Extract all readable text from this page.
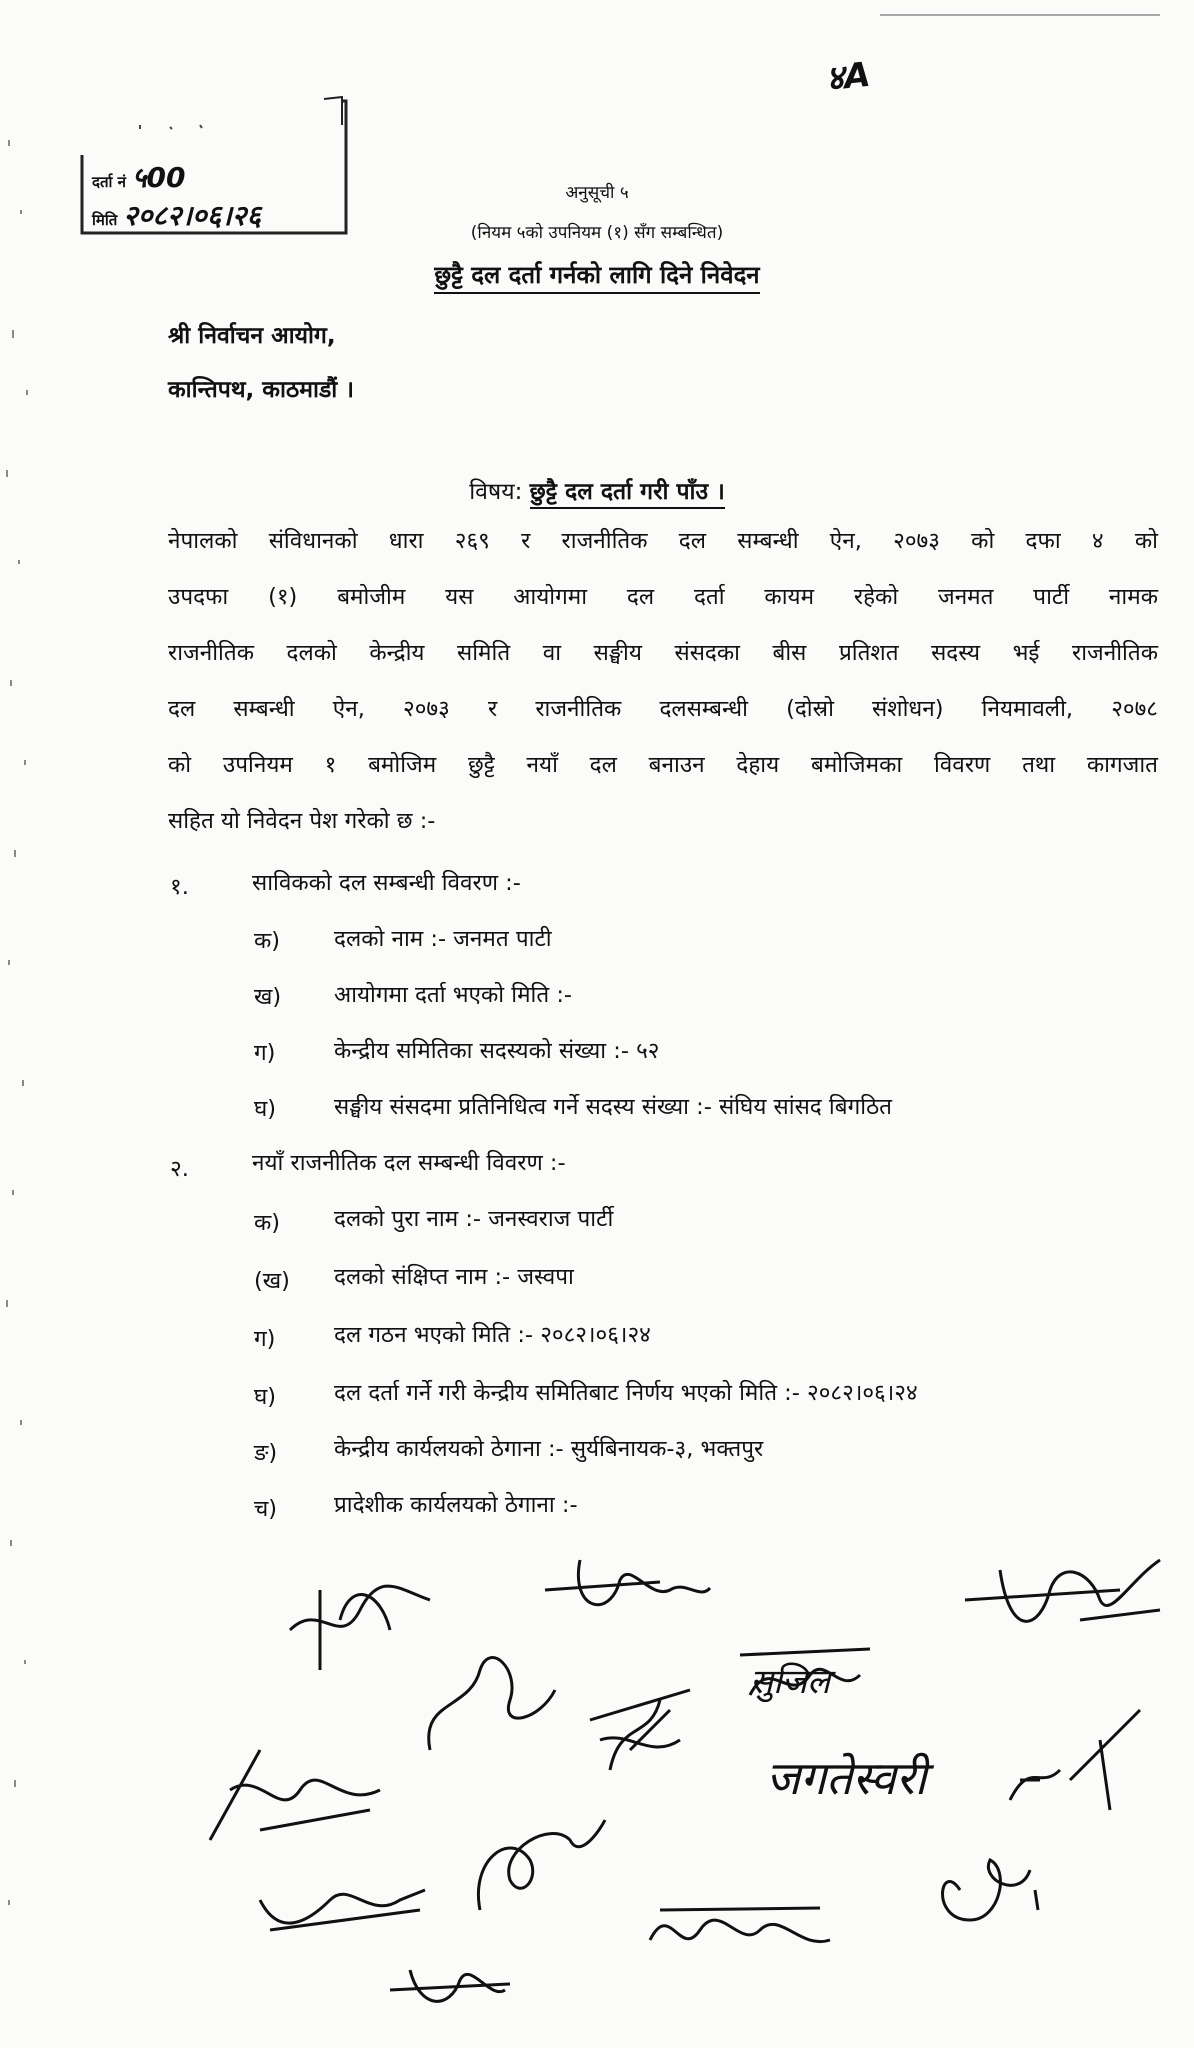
४A
दर्ता नं ५00
मिति २०८२।०६।२६
अनुसूची ५
(नियम ५को उपनियम (१) सँग सम्बन्धित)
छुट्टै दल दर्ता गर्नको लागि दिने निवेदन
श्री निर्वाचन आयोग,
कान्तिपथ, काठमाडौं ।
विषय: छुट्टै दल दर्ता गरी पाँउ ।
नेपालको संविधानको धारा २६९ र राजनीतिक दल सम्बन्धी ऐन, २०७३ को दफा ४ को
उपदफा (१) बमोजीम यस आयोगमा दल दर्ता कायम रहेको जनमत पार्टी नामक
राजनीतिक दलको केन्द्रीय समिति वा सङ्घीय संसदका बीस प्रतिशत सदस्य भई राजनीतिक
दल सम्बन्धी ऐन, २०७३ र राजनीतिक दलसम्बन्धी (दोस्रो संशोधन) नियमावली, २०७८
को उपनियम १ बमोजिम छुट्टै नयाँ दल बनाउन देहाय बमोजिमका विवरण तथा कागजात
सहित यो निवेदन पेश गरेको छ :-
१.	साविकको दल सम्बन्धी विवरण :-
क) दलको नाम :- जनमत पाटी
ख) आयोगमा दर्ता भएको मिति :-
ग)	केन्द्रीय समितिका सदस्यको संख्या :- ५२
घ)	सङ्घीय संसदमा प्रतिनिधित्व गर्ने सदस्य संख्या :- संघिय सांसद बिगठित
२.	नयाँ राजनीतिक दल सम्बन्धी विवरण :-
क) दलको पुरा नाम :- जनस्वराज पार्टी
(ख) दलको संक्षिप्त नाम :- जस्वपा
ग)	दल गठन भएको मिति :- २०८२।०६।२४
घ)	दल दर्ता गर्ने गरी केन्द्रीय समितिबाट निर्णय भएको मिति :- २०८२।०६।२४
ङ)	केन्द्रीय कार्यलयको ठेगाना :- सुर्यबिनायक-३, भक्तपुर
च)	प्रादेशीक कार्यलयको ठेगाना :-
सुजिल
जगतेस्वरी
